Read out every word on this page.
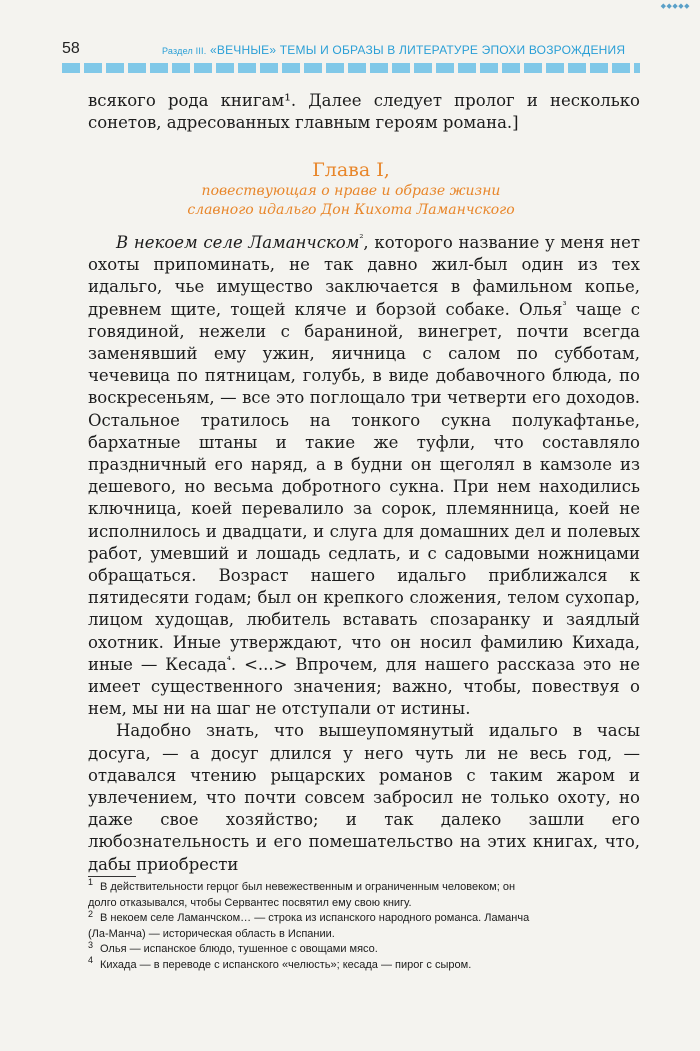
◆◆◆◆◆
58	Раздел III. «ВЕЧНЫЕ» ТЕМЫ И ОБРАЗЫ В ЛИТЕРАТУРЕ ЭПОХИ ВОЗРОЖДЕНИЯ

всякого рода книгам¹. Далее следует пролог и несколько сонетов, адресованных главным героям романа.]

Глава I,

повествующая о нраве и образе жизни

славного идальго Дон Кихота Ламанчского

В некоем селе Ламанчском$^{^2}$, которого название у меня нет охоты припоминать, не так давно жил-был один из тех идальго, чье имущество заключается в фамильном копье, древнем щите, тощей кляче и борзой собаке. Олья$^{^3}$ чаще с говядиной, нежели с бараниной, винегрет, почти всегда заменявший ему ужин, яичница с салом по субботам, чечевица по пятницам, голубь, в виде добавочного блюда, по воскресеньям, — все это поглощало три четверти его доходов. Остальное тратилось на тонкого сукна полукафтанье, бархатные штаны и такие же туфли, что составляло праздничный его наряд, а в будни он щеголял в камзоле из дешевого, но весьма добротного сукна. При нем находились ключница, коей перевалило за сорок, племянница, коей не исполнилось и двадцати, и слуга для домашних дел и полевых работ, умевший и лошадь седлать, и с садовыми ножницами обращаться. Возраст нашего идальго приближался к пятидесяти годам; был он крепкого сложения, телом сухопар, лицом худощав, любитель вставать спозаранку и заядлый охотник. Иные утверждают, что он носил фамилию Кихада, иные — Кесада$^{^4}$. <...> Впрочем, для нашего рассказа это не имеет существенного значения; важно, чтобы, повествуя о нем, мы ни на шаг не отступали от истины.

Надобно знать, что вышеупомянутый идальго в часы досуга, — а досуг длился у него чуть ли не весь год, — отдавался чтению рыцарских романов с таким жаром и увлечением, что почти совсем забросил не только охоту, но даже свое хозяйство; и так далеко зашли его любознательность и его помешательство на этих книгах, что, дабы приобрести

1 В действительности герцог был невежественным и ограниченным человеком; он

долго отказывался, чтобы Сервантес посвятил ему свою книгу.

2 В некоем селе Ламанчском… — строка из испанского народного романса. Ламанча

(Ла-Манча) — историческая область в Испании.

3 Олья — испанское блюдо, тушенное с овощами мясо.

4 Кихада — в переводе с испанского «челюсть»; кесада — пирог с сыром.
